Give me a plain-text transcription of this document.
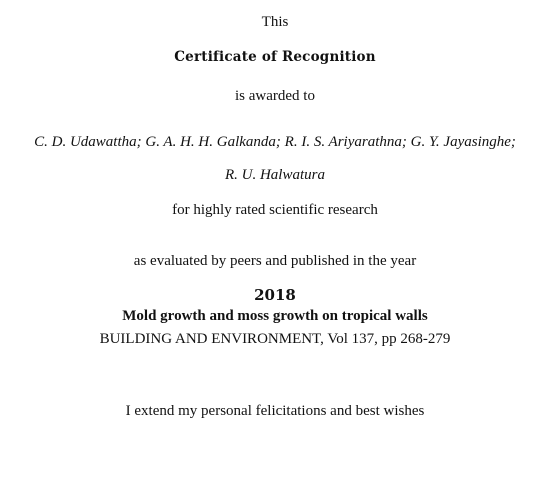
This
Certificate of Recognition
is awarded to
C. D. Udawattha; G. A. H. H. Galkanda; R. I. S. Ariyarathna; G. Y. Jayasinghe;
R. U. Halwatura
for highly rated scientific research
as evaluated by peers and published in the year
2018
Mold growth and moss growth on tropical walls
BUILDING AND ENVIRONMENT, Vol 137, pp 268-279
I extend my personal felicitations and best wishes
